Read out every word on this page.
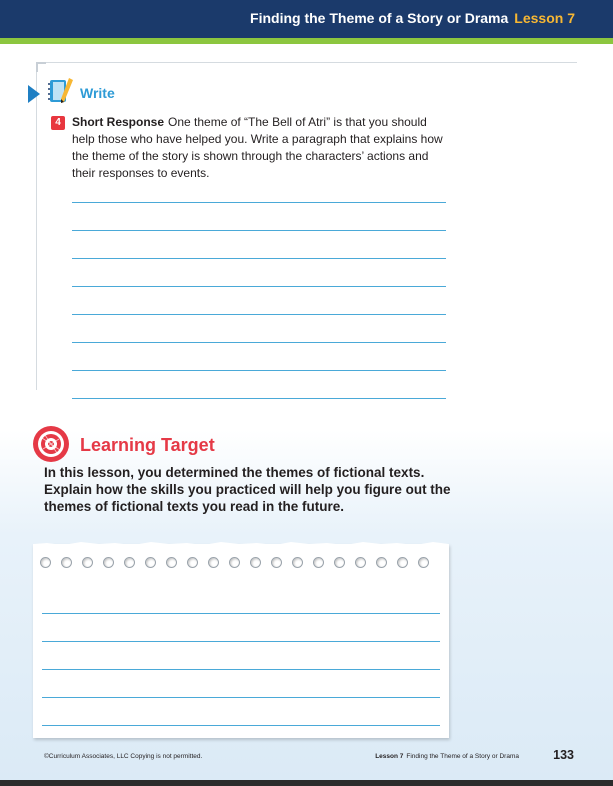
Finding the Theme of a Story or Drama Lesson 7
Write
4 Short Response One theme of “The Bell of Atri” is that you should help those who have helped you. Write a paragraph that explains how the theme of the story is shown through the characters’ actions and their responses to events.
Learning Target
In this lesson, you determined the themes of fictional texts. Explain how the skills you practiced will help you figure out the themes of fictional texts you read in the future.
©Curriculum Associates, LLC Copying is not permitted.	Lesson 7 Finding the Theme of a Story or Drama	133
